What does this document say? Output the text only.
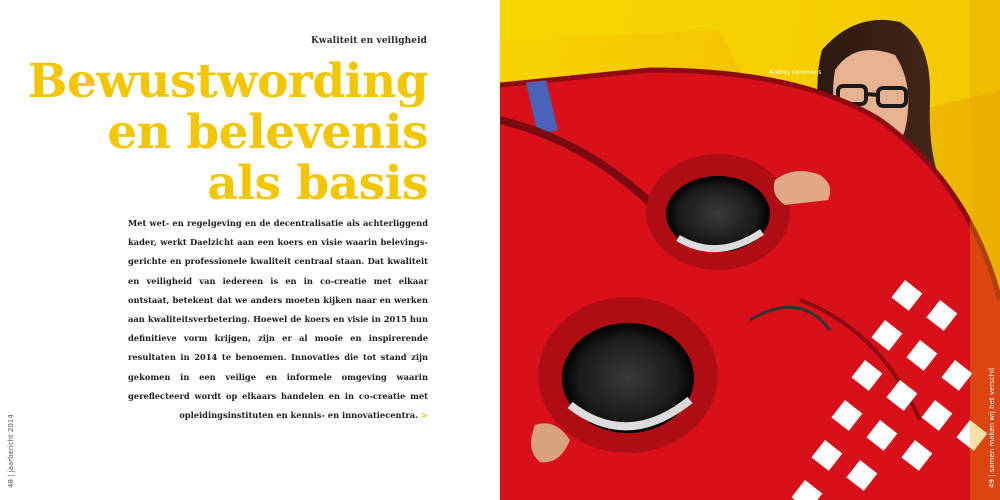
Kwaliteit en veiligheid
Bewustwording
en belevenis
als basis
Met wet- en regelgeving en de decentralisatie als achterliggend kader, werkt Daelzicht aan een koers en visie waarin belevingsgerichte en professionele kwaliteit centraal staan. Dat kwaliteit en veiligheid van iedereen is en in co-creatie met elkaar ontstaat, betekent dat we anders moeten kijken naar en werken aan kwaliteitsverbetering. Hoewel de koers en visie in 2015 hun definitieve vorm krijgen, zijn er al mooie en inspirerende resultaten in 2014 te benoemen. Innovaties die tot stand zijn gekomen in een veilige en informele omgeving waarin gereflecteerd wordt op elkaars handelen en in co-creatie met opleidingsinstituten en kennis- en innovatiecentra. >
48 | jaarbericht 2014
Audrey Lemmens
49 | samen maken wij het verschil
